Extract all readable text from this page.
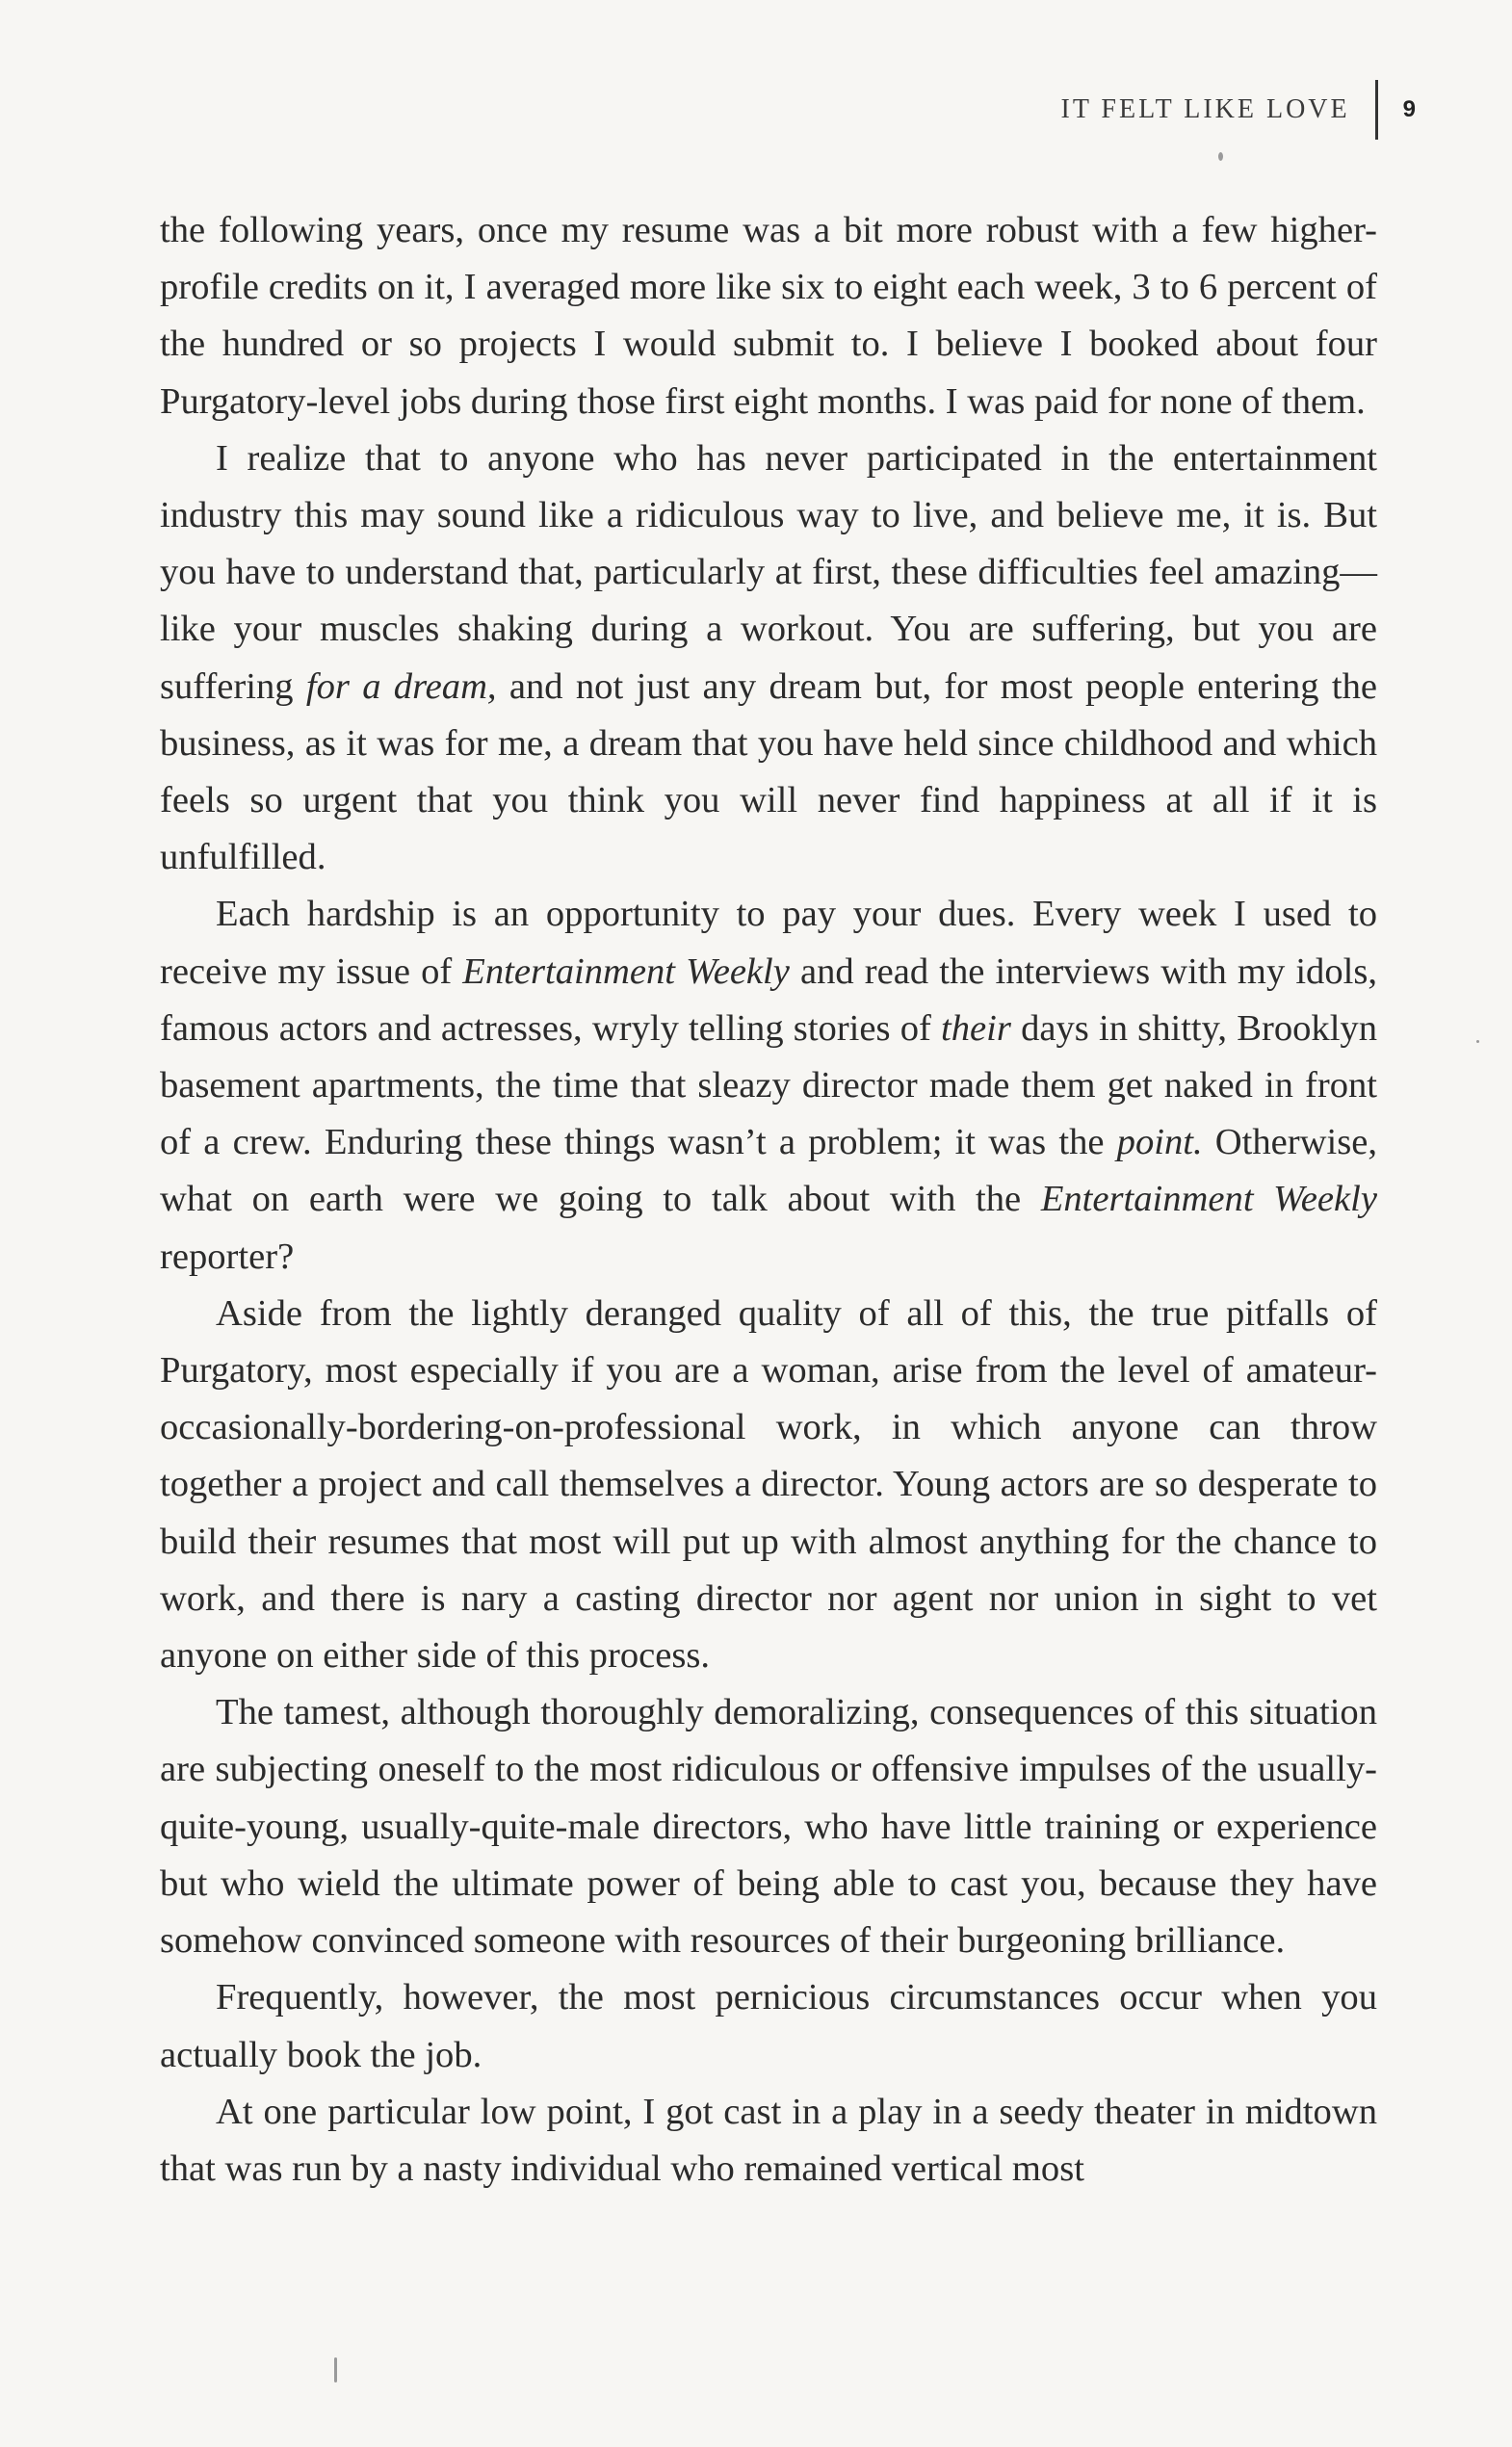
IT FELT LIKE LOVE	9

the following years, once my resume was a bit more robust with a few higher-profile credits on it, I averaged more like six to eight each week, 3 to 6 percent of the hundred or so projects I would submit to. I believe I booked about four Purgatory-level jobs during those first eight months. I was paid for none of them.

I realize that to anyone who has never participated in the entertainment industry this may sound like a ridiculous way to live, and believe me, it is. But you have to understand that, particularly at first, these difficulties feel amazing—like your muscles shaking during a workout. You are suffering, but you are suffering for a dream, and not just any dream but, for most people entering the business, as it was for me, a dream that you have held since childhood and which feels so urgent that you think you will never find happiness at all if it is unfulfilled.

Each hardship is an opportunity to pay your dues. Every week I used to receive my issue of Entertainment Weekly and read the interviews with my idols, famous actors and actresses, wryly telling stories of their days in shitty, Brooklyn basement apartments, the time that sleazy director made them get naked in front of a crew. Enduring these things wasn’t a problem; it was the point. Otherwise, what on earth were we going to talk about with the Entertainment Weekly reporter?

Aside from the lightly deranged quality of all of this, the true pitfalls of Purgatory, most especially if you are a woman, arise from the level of amateur-occasionally-bordering-on-professional work, in which anyone can throw together a project and call themselves a director. Young actors are so desperate to build their resumes that most will put up with almost anything for the chance to work, and there is nary a casting director nor agent nor union in sight to vet anyone on either side of this process.

The tamest, although thoroughly demoralizing, consequences of this situation are subjecting oneself to the most ridiculous or offensive impulses of the usually-quite-young, usually-quite-male directors, who have little training or experience but who wield the ultimate power of being able to cast you, because they have somehow convinced someone with resources of their burgeoning brilliance.

Frequently, however, the most pernicious circumstances occur when you actually book the job.

At one particular low point, I got cast in a play in a seedy theater in midtown that was run by a nasty individual who remained vertical most
